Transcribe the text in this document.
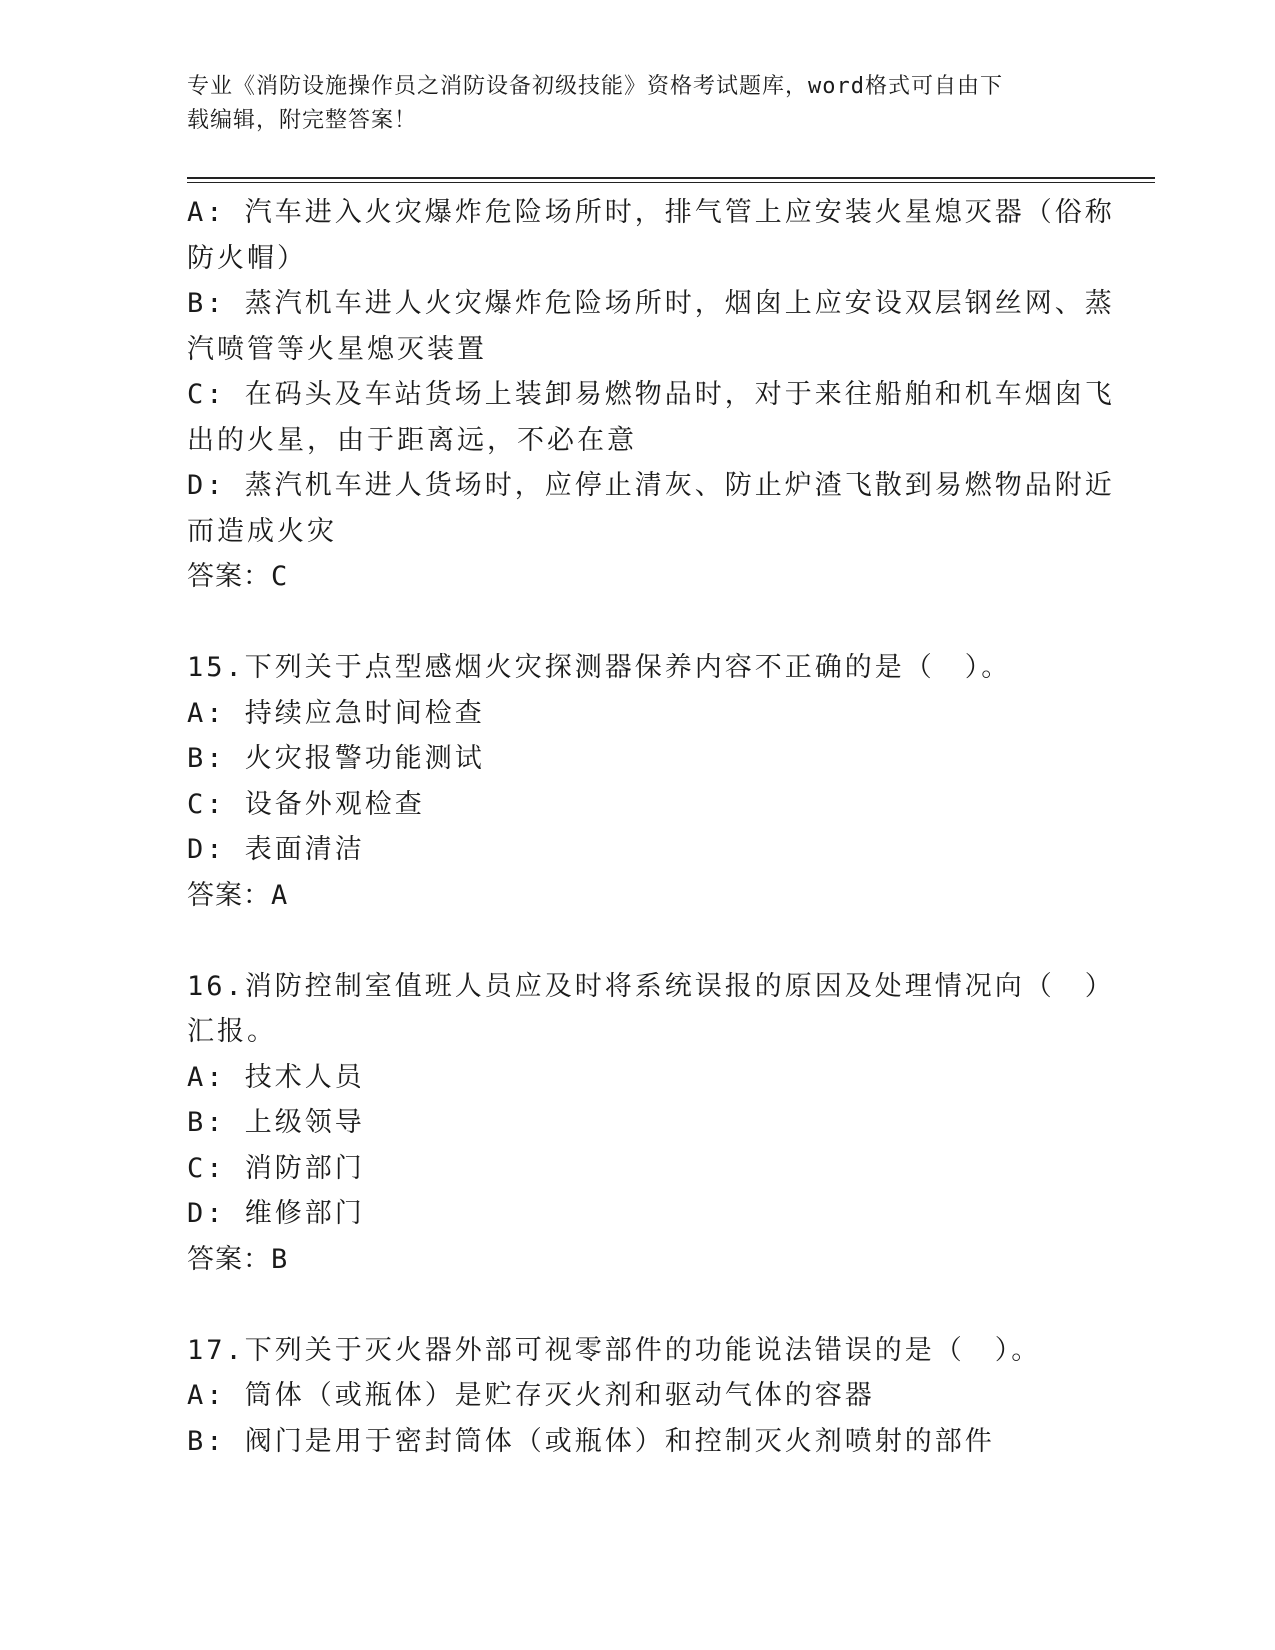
专业《消防设施操作员之消防设备初级技能》资格考试题库，word格式可自由下
载编辑，附完整答案！
A: 汽车进入火灾爆炸危险场所时，排气管上应安装火星熄灭器（俗称
防火帽）
B: 蒸汽机车进人火灾爆炸危险场所时，烟囱上应安设双层钢丝网、蒸
汽喷管等火星熄灭装置
C: 在码头及车站货场上装卸易燃物品时，对于来往船舶和机车烟囱飞
出的火星，由于距离远，不必在意
D: 蒸汽机车进人货场时，应停止清灰、防止炉渣飞散到易燃物品附近
而造成火灾
答案：C
15.下列关于点型感烟火灾探测器保养内容不正确的是（　）。
A: 持续应急时间检查
B: 火灾报警功能测试
C: 设备外观检查
D: 表面清洁
答案：A
16.消防控制室值班人员应及时将系统误报的原因及处理情况向（　）
汇报。
A: 技术人员
B: 上级领导
C: 消防部门
D: 维修部门
答案：B
17.下列关于灭火器外部可视零部件的功能说法错误的是（　）。
A: 筒体（或瓶体）是贮存灭火剂和驱动气体的容器
B: 阀门是用于密封筒体（或瓶体）和控制灭火剂喷射的部件
